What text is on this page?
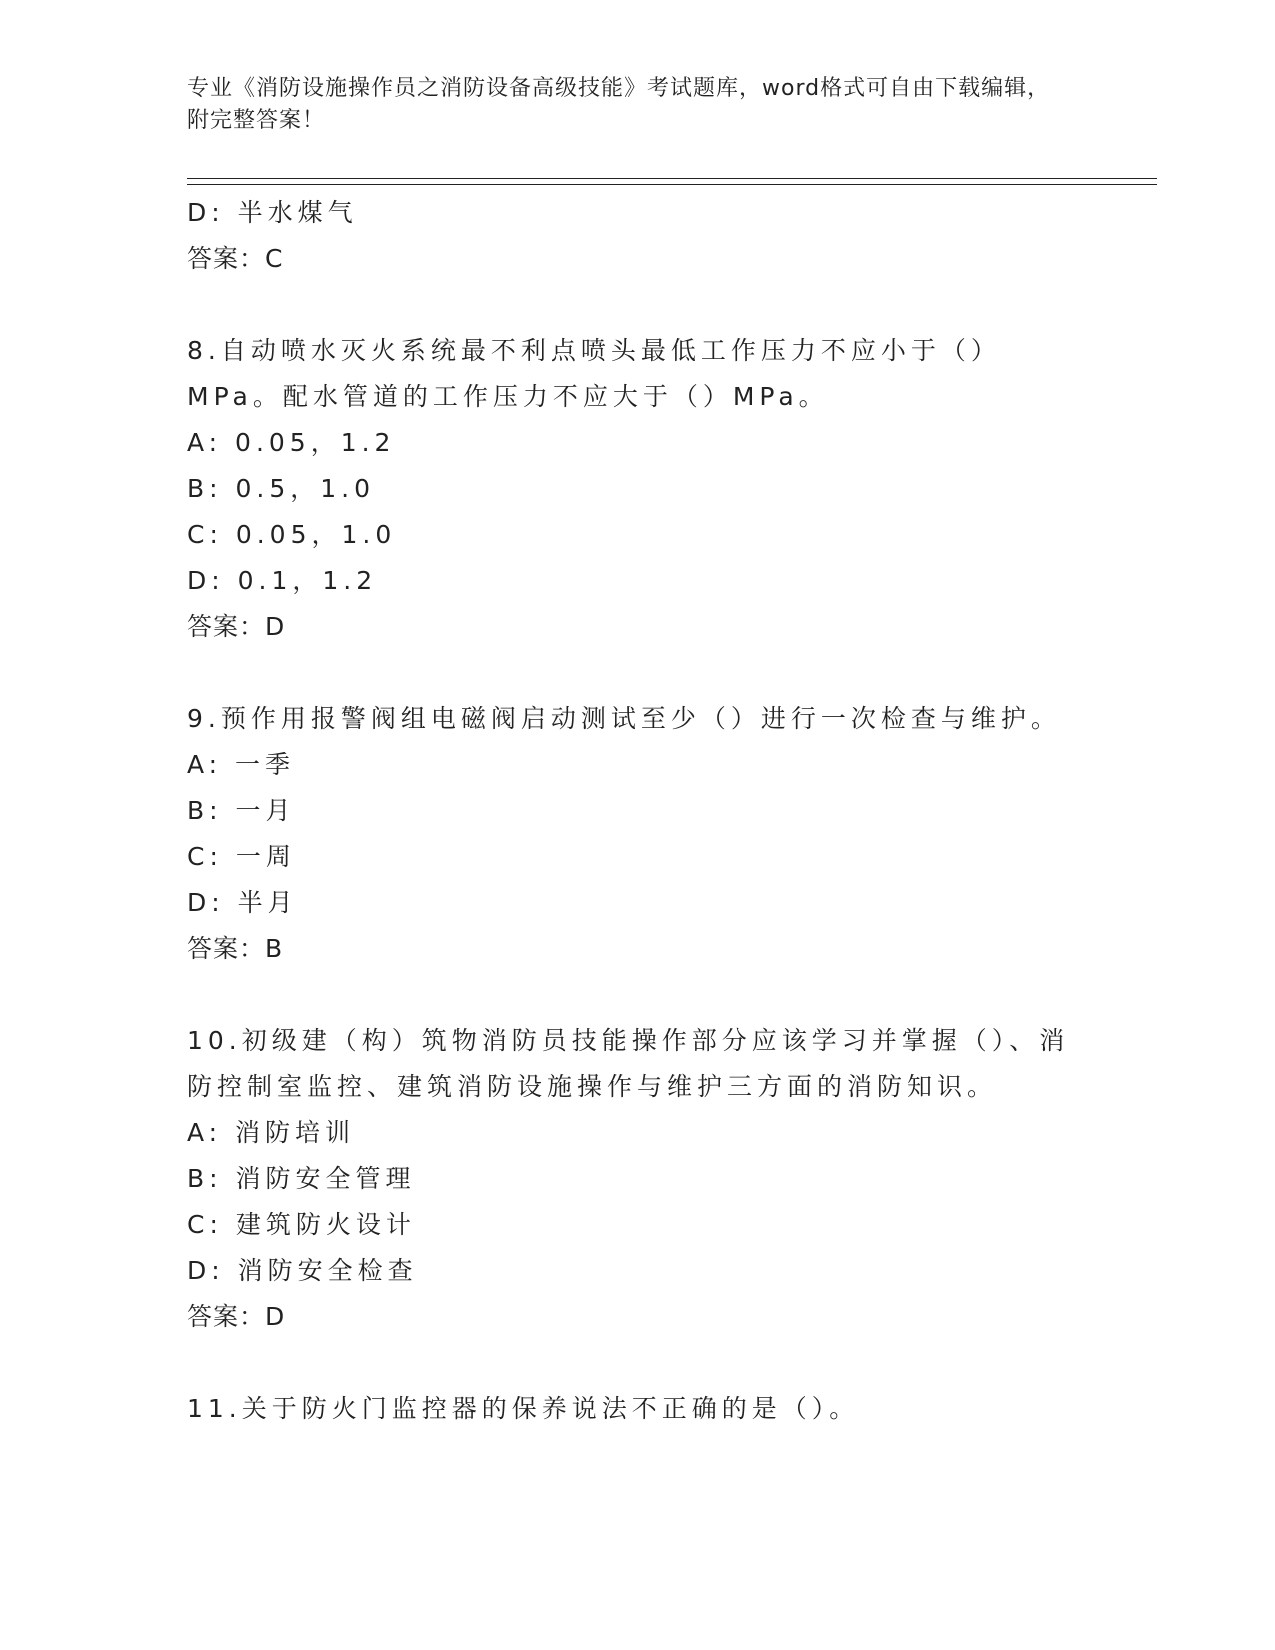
专业《消防设施操作员之消防设备高级技能》考试题库，word格式可自由下载编辑，附完整答案！
D: 半水煤气
答案：C
8.自动喷水灭火系统最不利点喷头最低工作压力不应小于（）MPa。配水管道的工作压力不应大于（）MPa。
A: 0.05，1.2
B: 0.5，1.0
C: 0.05，1.0
D: 0.1，1.2
答案：D
9.预作用报警阀组电磁阀启动测试至少（）进行一次检查与维护。
A: 一季
B: 一月
C: 一周
D: 半月
答案：B
10.初级建（构）筑物消防员技能操作部分应该学习并掌握（）、消防控制室监控、建筑消防设施操作与维护三方面的消防知识。
A: 消防培训
B: 消防安全管理
C: 建筑防火设计
D: 消防安全检查
答案：D
11.关于防火门监控器的保养说法不正确的是（）。
